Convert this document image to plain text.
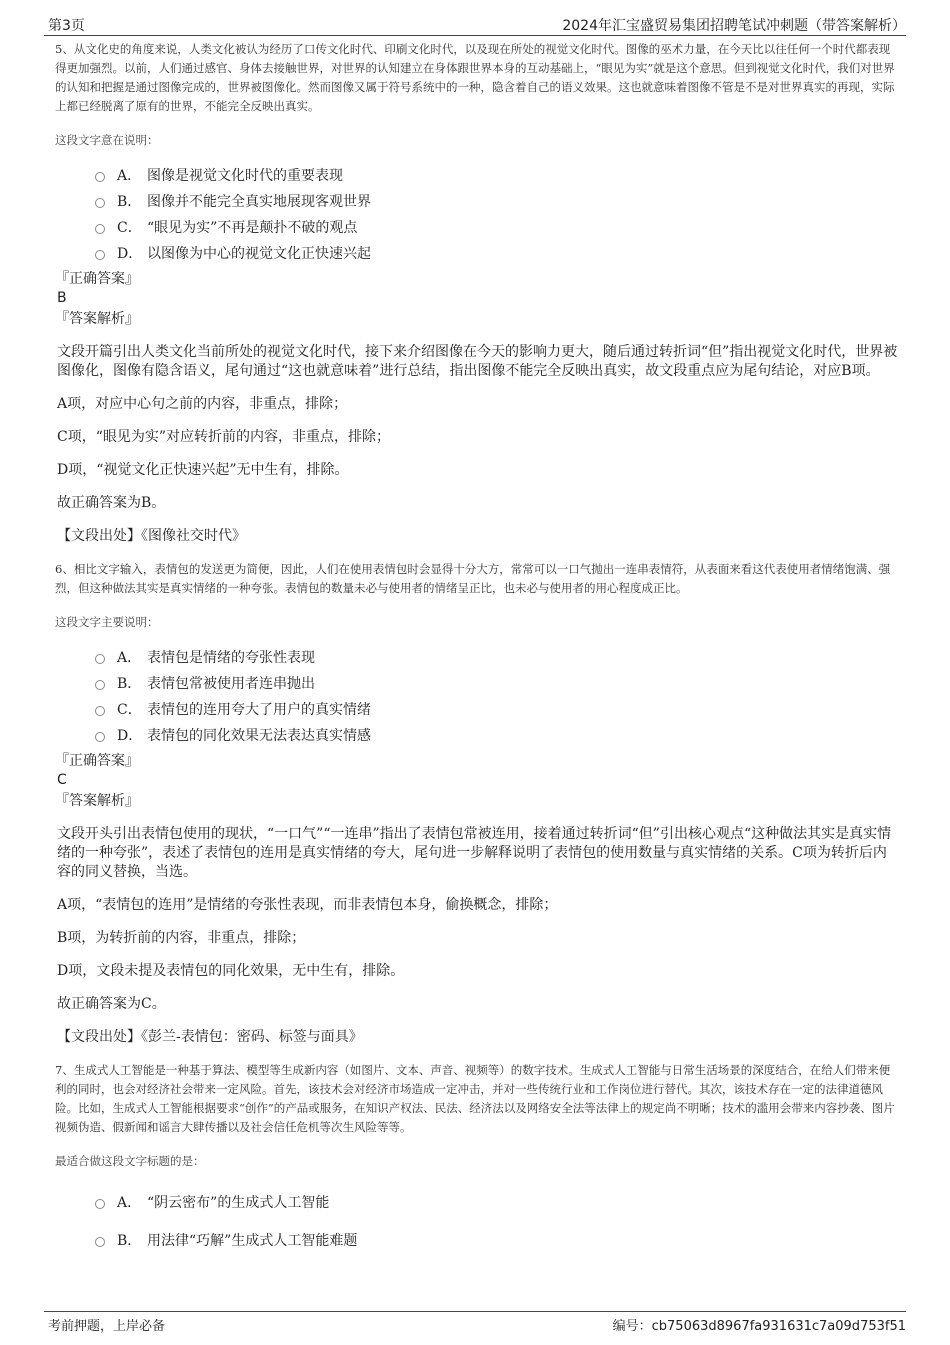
第3页	2024年汇宝盛贸易集团招聘笔试冲刺题（带答案解析）

5、从文化史的角度来说，人类文化被认为经历了口传文化时代、印刷文化时代，以及现在所处的视觉文化时代。图像的巫术力量，在今天比以往任何一个时代都表现得更加强烈。以前，人们通过感官、身体去接触世界，对世界的认知建立在身体跟世界本身的互动基础上，“眼见为实”就是这个意思。但到视觉文化时代，我们对世界的认知和把握是通过图像完成的，世界被图像化。然而图像又属于符号系统中的一种，隐含着自己的语义效果。这也就意味着图像不管是不是对世界真实的再现，实际上都已经脱离了原有的世界，不能完全反映出真实。

这段文字意在说明：

A． 图像是视觉文化时代的重要表现
B． 图像并不能完全真实地展现客观世界
C． “眼见为实”不再是颠扑不破的观点
D． 以图像为中心的视觉文化正快速兴起

『正确答案』

B

『答案解析』

文段开篇引出人类文化当前所处的视觉文化时代，接下来介绍图像在今天的影响力更大，随后通过转折词“但”指出视觉文化时代，世界被图像化，图像有隐含语义，尾句通过“这也就意味着”进行总结，指出图像不能完全反映出真实，故文段重点应为尾句结论，对应B项。

A项，对应中心句之前的内容，非重点，排除；

C项，“眼见为实”对应转折前的内容，非重点，排除；

D项，“视觉文化正快速兴起”无中生有，排除。

故正确答案为B。

【文段出处】《图像社交时代》

6、相比文字输入，表情包的发送更为简便，因此，人们在使用表情包时会显得十分大方，常常可以一口气抛出一连串表情符，从表面来看这代表使用者情绪饱满、强烈，但这种做法其实是真实情绪的一种夸张。表情包的数量未必与使用者的情绪呈正比，也未必与使用者的用心程度成正比。

这段文字主要说明：

A． 表情包是情绪的夸张性表现
B． 表情包常被使用者连串抛出
C． 表情包的连用夸大了用户的真实情绪
D． 表情包的同化效果无法表达真实情感

『正确答案』

C

『答案解析』

文段开头引出表情包使用的现状，“一口气”“一连串”指出了表情包常被连用，接着通过转折词“但”引出核心观点“这种做法其实是真实情绪的一种夸张”，表述了表情包的连用是真实情绪的夸大，尾句进一步解释说明了表情包的使用数量与真实情绪的关系。C项为转折后内容的同义替换，当选。

A项，“表情包的连用”是情绪的夸张性表现，而非表情包本身，偷换概念，排除；

B项，为转折前的内容，非重点，排除；

D项，文段未提及表情包的同化效果，无中生有，排除。

故正确答案为C。

【文段出处】《彭兰-表情包：密码、标签与面具》

7、生成式人工智能是一种基于算法、模型等生成新内容（如图片、文本、声音、视频等）的数字技术。生成式人工智能与日常生活场景的深度结合，在给人们带来便利的同时，也会对经济社会带来一定风险。首先，该技术会对经济市场造成一定冲击，并对一些传统行业和工作岗位进行替代。其次，该技术存在一定的法律道德风险。比如，生成式人工智能根据要求“创作”的产品或服务，在知识产权法、民法、经济法以及网络安全法等法律上的规定尚不明晰；技术的滥用会带来内容抄袭、图片视频伪造、假新闻和谣言大肆传播以及社会信任危机等次生风险等等。

最适合做这段文字标题的是：

A． “阴云密布”的生成式人工智能
B． 用法律“巧解”生成式人工智能难题
考前押题，上岸必备	编号：cb75063d8967fa931631c7a09d753f51
